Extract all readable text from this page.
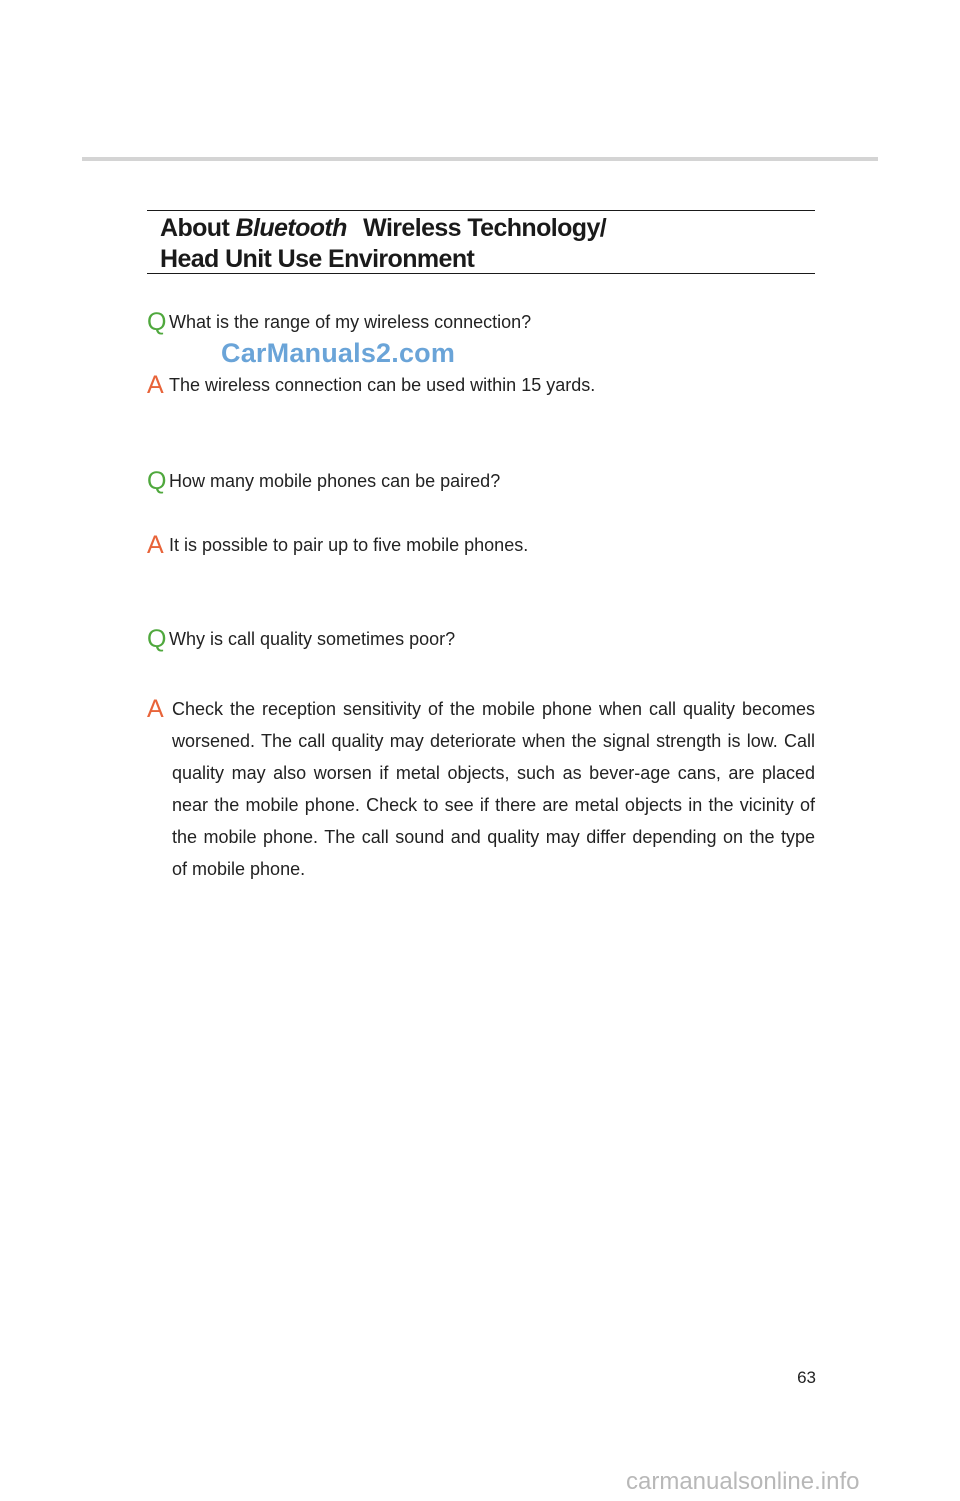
About Bluetooth Wireless Technology/
Head Unit Use Environment
Q What is the range of my wireless connection?
CarManuals2.com
A The wireless connection can be used within 15 yards.
Q How many mobile phones can be paired?
A It is possible to pair up to five mobile phones.
Q Why is call quality sometimes poor?
A Check the reception sensitivity of the mobile phone when call quality becomes worsened. The call quality may deteriorate when the signal strength is low. Call quality may also worsen if metal objects, such as bever-age cans, are placed near the mobile phone. Check to see if there are metal objects in the vicinity of the mobile phone. The call sound and quality may differ depending on the type of mobile phone.
63
carmanualsonline.info
